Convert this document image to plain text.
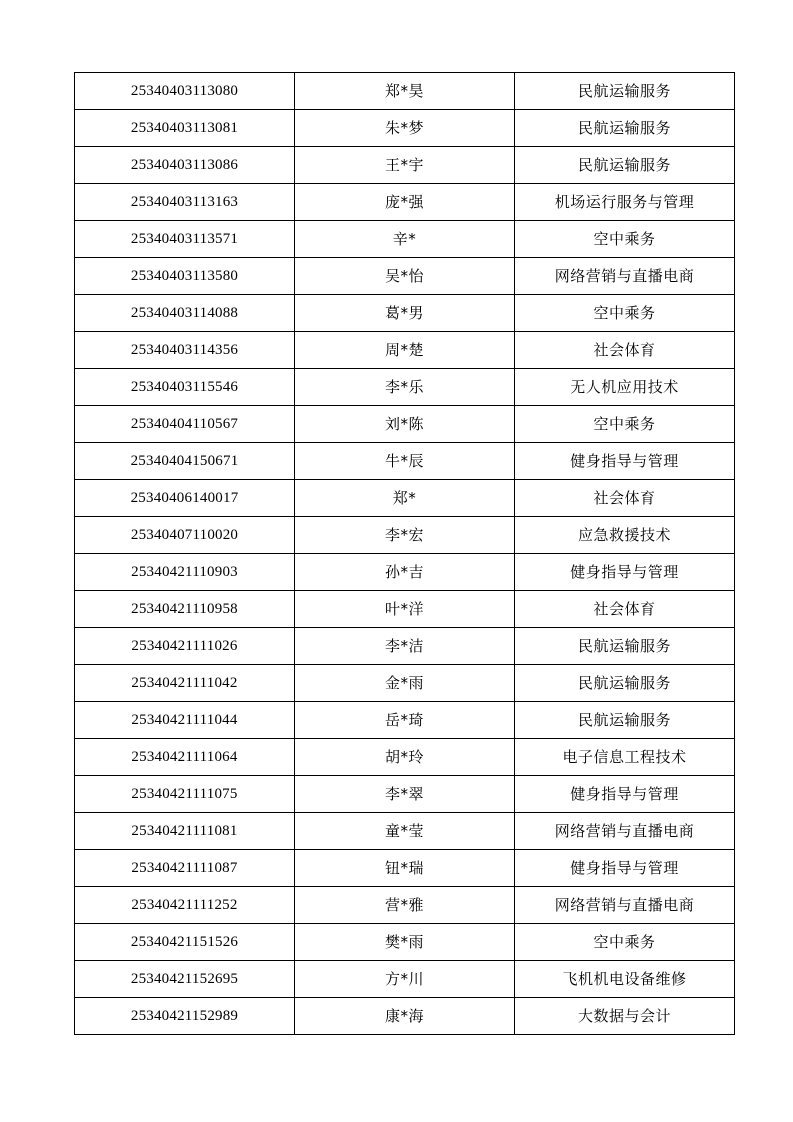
25340403113080	郑*昊	民航运输服务
25340403113081	朱*梦	民航运输服务
25340403113086	王*宇	民航运输服务
25340403113163	庞*强	机场运行服务与管理
25340403113571	辛*	空中乘务
25340403113580	吴*怡	网络营销与直播电商
25340403114088	葛*男	空中乘务
25340403114356	周*楚	社会体育
25340403115546	李*乐	无人机应用技术
25340404110567	刘*陈	空中乘务
25340404150671	牛*辰	健身指导与管理
25340406140017	郑*	社会体育
25340407110020	李*宏	应急救援技术
25340421110903	孙*吉	健身指导与管理
25340421110958	叶*洋	社会体育
25340421111026	李*洁	民航运输服务
25340421111042	金*雨	民航运输服务
25340421111044	岳*琦	民航运输服务
25340421111064	胡*玲	电子信息工程技术
25340421111075	李*翠	健身指导与管理
25340421111081	童*莹	网络营销与直播电商
25340421111087	钮*瑞	健身指导与管理
25340421111252	营*雅	网络营销与直播电商
25340421151526	樊*雨	空中乘务
25340421152695	方*川	飞机机电设备维修
25340421152989	康*海	大数据与会计
